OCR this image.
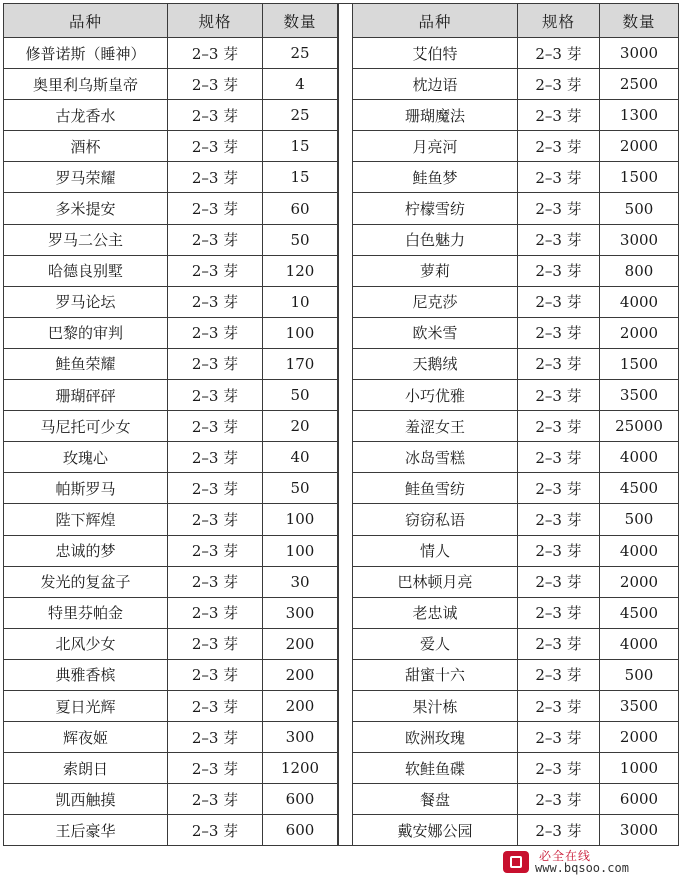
品种	规格	数量
修普诺斯（睡神）	2–3 芽	25
奥里利乌斯皇帝	2–3 芽	4
古龙香水	2–3 芽	25
酒杯	2–3 芽	15
罗马荣耀	2–3 芽	15
多米提安	2–3 芽	60
罗马二公主	2–3 芽	50
哈德良别墅	2–3 芽	120
罗马论坛	2–3 芽	10
巴黎的审判	2–3 芽	100
鲑鱼荣耀	2–3 芽	170
珊瑚砰砰	2–3 芽	50
马尼托可少女	2–3 芽	20
玫瑰心	2–3 芽	40
帕斯罗马	2–3 芽	50
陛下辉煌	2–3 芽	100
忠诚的梦	2–3 芽	100
发光的复盆子	2–3 芽	30
特里芬帕金	2–3 芽	300
北风少女	2–3 芽	200
典雅香槟	2–3 芽	200
夏日光辉	2–3 芽	200
辉夜姬	2–3 芽	300
索朗日	2–3 芽	1200
凯西触摸	2–3 芽	600
王后豪华	2–3 芽	600
品种	规格	数量
艾伯特	2–3 芽	3000
枕边语	2–3 芽	2500
珊瑚魔法	2–3 芽	1300
月亮河	2–3 芽	2000
鲑鱼梦	2–3 芽	1500
柠檬雪纺	2–3 芽	500
白色魅力	2–3 芽	3000
萝莉	2–3 芽	800
尼克莎	2–3 芽	4000
欧米雪	2–3 芽	2000
天鹅绒	2–3 芽	1500
小巧优雅	2–3 芽	3500
羞涩女王	2–3 芽	25000
冰岛雪糕	2–3 芽	4000
鲑鱼雪纺	2–3 芽	4500
窃窃私语	2–3 芽	500
情人	2–3 芽	4000
巴林顿月亮	2–3 芽	2000
老忠诚	2–3 芽	4500
爱人	2–3 芽	4000
甜蜜十六	2–3 芽	500
果汁栋	2–3 芽	3500
欧洲玫瑰	2–3 芽	2000
软鲑鱼碟	2–3 芽	1000
餐盘	2–3 芽	6000
戴安娜公园	2–3 芽	3000
必全在线
www.bqsoo.com
